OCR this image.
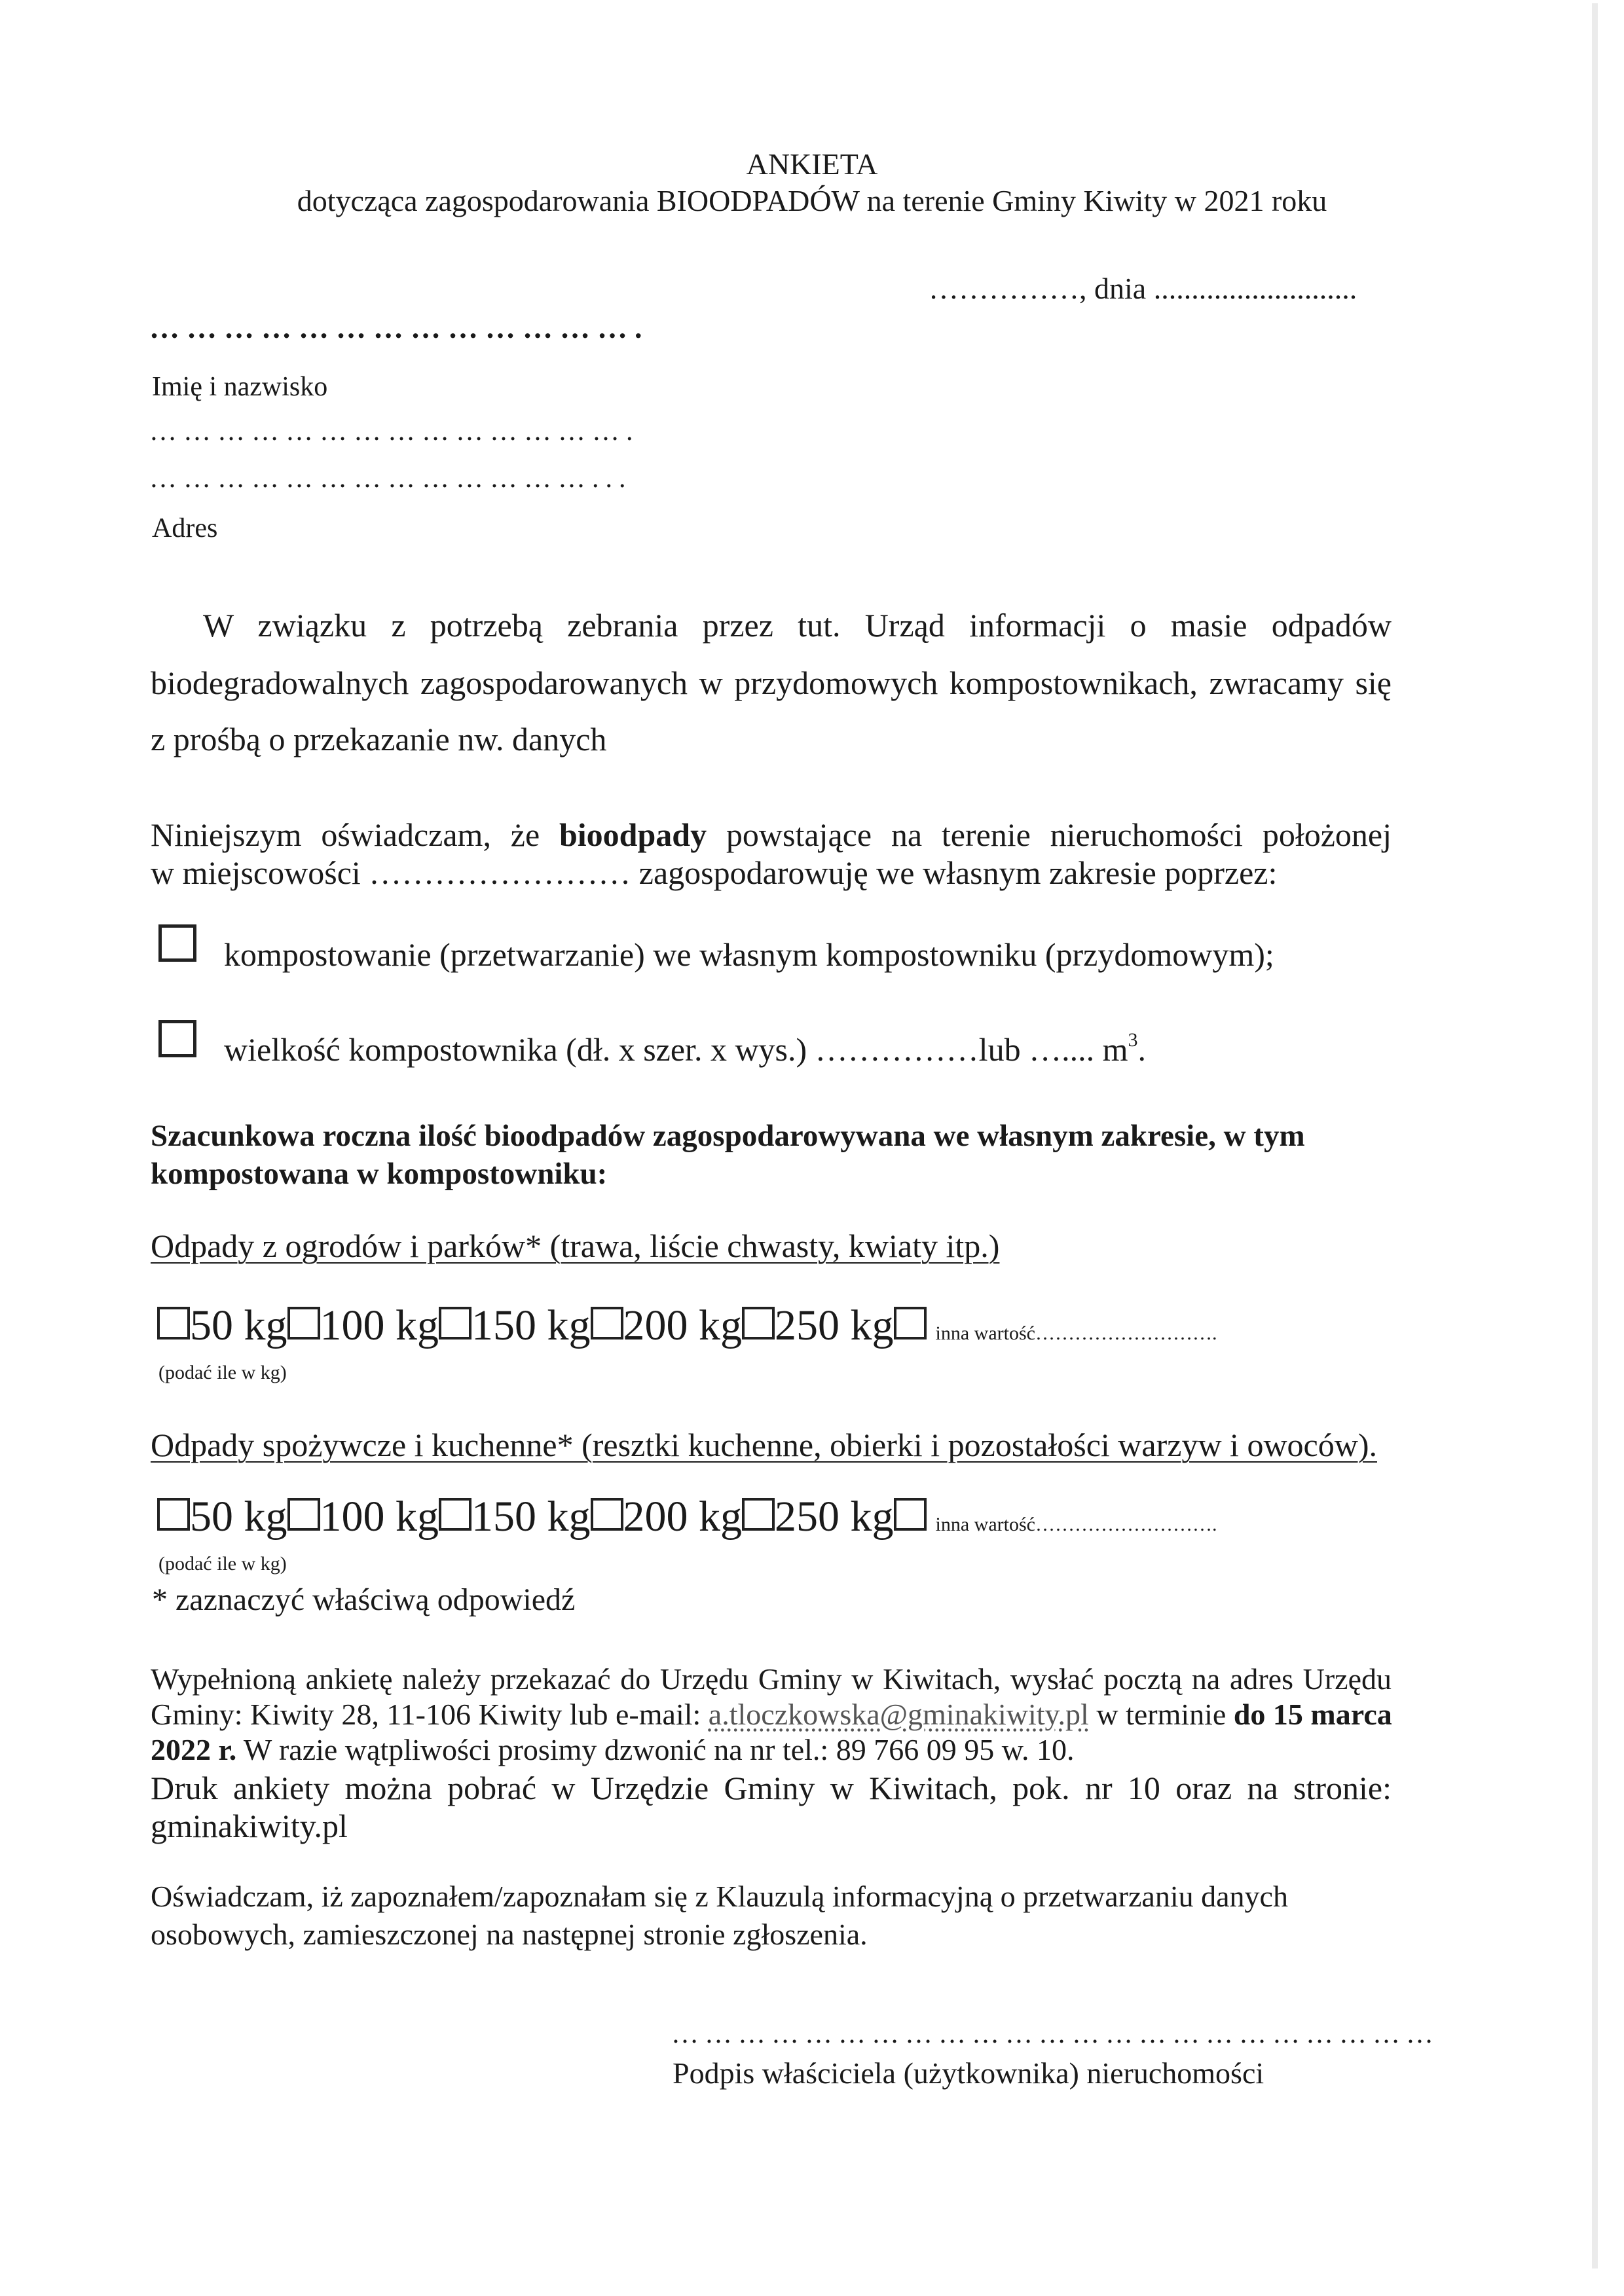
ANKIETA
dotycząca zagospodarowania BIOODPADÓW na terenie Gminy Kiwity w 2021 roku
……………, dnia ...........................
………………………………….
Imię i nazwisko
…………………………………….
…………………………………...
Adres
W związku z potrzebą zebrania przez tut. Urząd informacji o masie odpadów
biodegradowalnych zagospodarowanych w przydomowych kompostownikach, zwracamy się
z prośbą o przekazanie nw. danych
Niniejszym oświadczam, że bioodpady powstające na terenie nieruchomości położonej
w miejscowości …………………… zagospodarowuję we własnym zakresie poprzez:
kompostowanie (przetwarzanie) we własnym kompostowniku (przydomowym);
wielkość kompostownika (dł. x szer. x wys.) ……………lub ….... $m^3$.
Szacunkowa roczna ilość bioodpadów zagospodarowywana we własnym zakresie, w tym
kompostowana w kompostowniku:
Odpady z ogrodów i parków* (trawa, liście chwasty, kwiaty itp.)
50 kg 100 kg 150 kg 200 kg 250 kg inna wartość……………………….
(podać ile w kg)
Odpady spożywcze i kuchenne* (resztki kuchenne, obierki i pozostałości warzyw i owoców).
50 kg 100 kg 150 kg 200 kg 250 kg inna wartość……………………….
(podać ile w kg)
* zaznaczyć właściwą odpowiedź
Wypełnioną ankietę należy przekazać do Urzędu Gminy w Kiwitach, wysłać pocztą na adres Urzędu
Gminy: Kiwity 28, 11-106 Kiwity lub e-mail: a.tloczkowska@gminakiwity.pl w terminie do 15 marca
2022 r. W razie wątpliwości prosimy dzwonić na nr tel.: 89 766 09 95 w. 10.
Druk ankiety można pobrać w Urzędzie Gminy w Kiwitach, pok. nr 10 oraz na stronie:
gminakiwity.pl
Oświadczam, iż zapoznałem/zapoznałam się z Klauzulą informacyjną o przetwarzaniu danych
osobowych, zamieszczonej na następnej stronie zgłoszenia.
……………………………………………………………
Podpis właściciela (użytkownika) nieruchomości
